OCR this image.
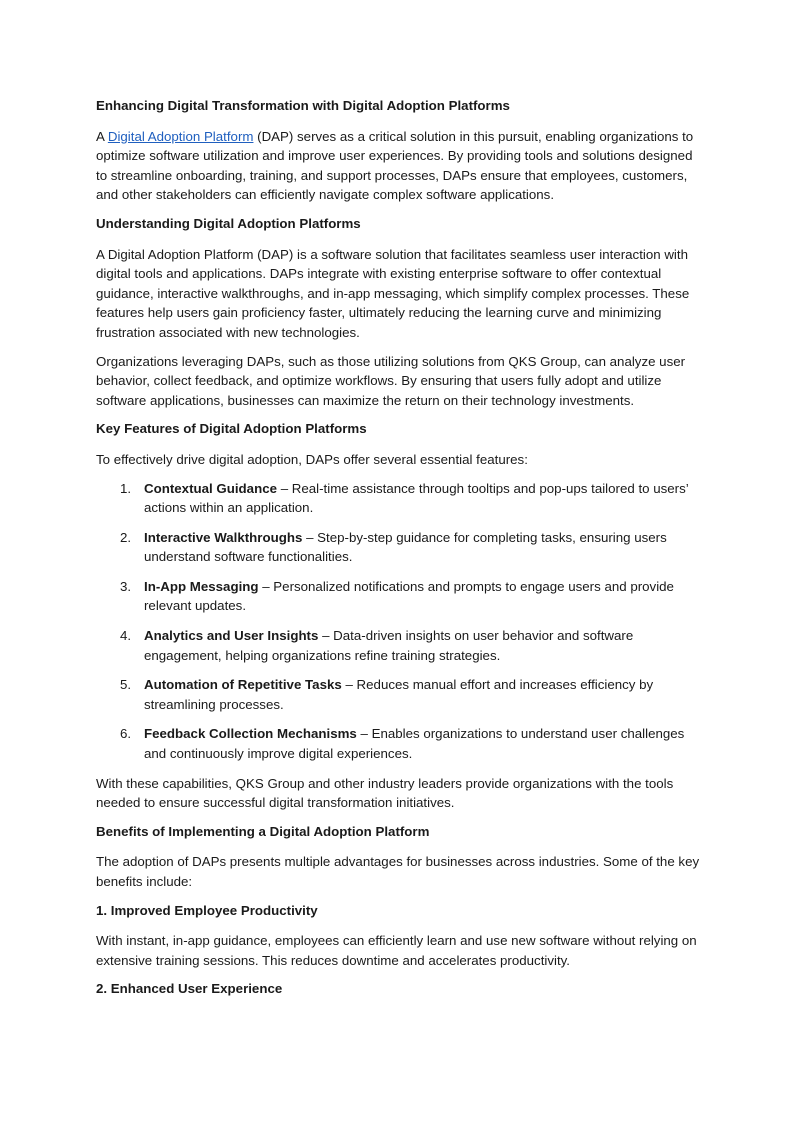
Enhancing Digital Transformation with Digital Adoption Platforms

A Digital Adoption Platform (DAP) serves as a critical solution in this pursuit, enabling organizations to optimize software utilization and improve user experiences. By providing tools and solutions designed to streamline onboarding, training, and support processes, DAPs ensure that employees, customers, and other stakeholders can efficiently navigate complex software applications.

Understanding Digital Adoption Platforms

A Digital Adoption Platform (DAP) is a software solution that facilitates seamless user interaction with digital tools and applications. DAPs integrate with existing enterprise software to offer contextual guidance, interactive walkthroughs, and in-app messaging, which simplify complex processes. These features help users gain proficiency faster, ultimately reducing the learning curve and minimizing frustration associated with new technologies.

Organizations leveraging DAPs, such as those utilizing solutions from QKS Group, can analyze user behavior, collect feedback, and optimize workflows. By ensuring that users fully adopt and utilize software applications, businesses can maximize the return on their technology investments.

Key Features of Digital Adoption Platforms

To effectively drive digital adoption, DAPs offer several essential features:

1. Contextual Guidance – Real-time assistance through tooltips and pop-ups tailored to users’ actions within an application.
2. Interactive Walkthroughs – Step-by-step guidance for completing tasks, ensuring users understand software functionalities.
3. In-App Messaging – Personalized notifications and prompts to engage users and provide relevant updates.
4. Analytics and User Insights – Data-driven insights on user behavior and software engagement, helping organizations refine training strategies.
5. Automation of Repetitive Tasks – Reduces manual effort and increases efficiency by streamlining processes.
6. Feedback Collection Mechanisms – Enables organizations to understand user challenges and continuously improve digital experiences.

With these capabilities, QKS Group and other industry leaders provide organizations with the tools needed to ensure successful digital transformation initiatives.

Benefits of Implementing a Digital Adoption Platform

The adoption of DAPs presents multiple advantages for businesses across industries. Some of the key benefits include:

1. Improved Employee Productivity

With instant, in-app guidance, employees can efficiently learn and use new software without relying on extensive training sessions. This reduces downtime and accelerates productivity.

2. Enhanced User Experience
